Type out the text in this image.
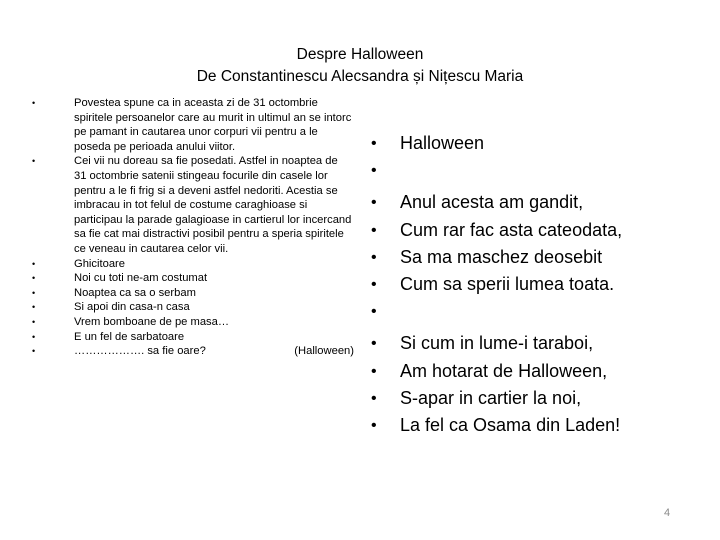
Despre Halloween
De Constantinescu Alecsandra și Nițescu Maria
•	Povestea spune ca in aceasta zi de 31 octombrie spiritele persoanelor care au murit in ultimul an se intorc pe pamant in cautarea unor corpuri vii pentru a le poseda pe perioada anului viitor.
•	Cei vii nu doreau sa fie posedati. Astfel in noaptea de 31 octombrie satenii stingeau focurile din casele lor pentru a le fi frig si a deveni astfel nedoriti. Acestia se imbracau in tot felul de costume caraghioase si participau la parade galagioase in cartierul lor incercand sa fie cat mai distractivi posibil pentru a speria spiritele ce veneau in cautarea celor vii.
•	Ghicitoare
•	Noi cu toti ne-am costumat
•	Noaptea ca sa o serbam
•	Si apoi din casa-n casa
•	Vrem bomboane de pe masa…
•	E un fel de sarbatoare
•	………………. sa fie oare?	(Halloween)
• Halloween
•
• Anul acesta am gandit,
• Cum rar fac asta cateodata,
• Sa ma maschez deosebit
• Cum sa sperii lumea toata.
•
• Si cum in lume-i taraboi,
• Am hotarat de Halloween,
• S-apar in cartier la noi,
• La fel ca Osama din Laden!
4
